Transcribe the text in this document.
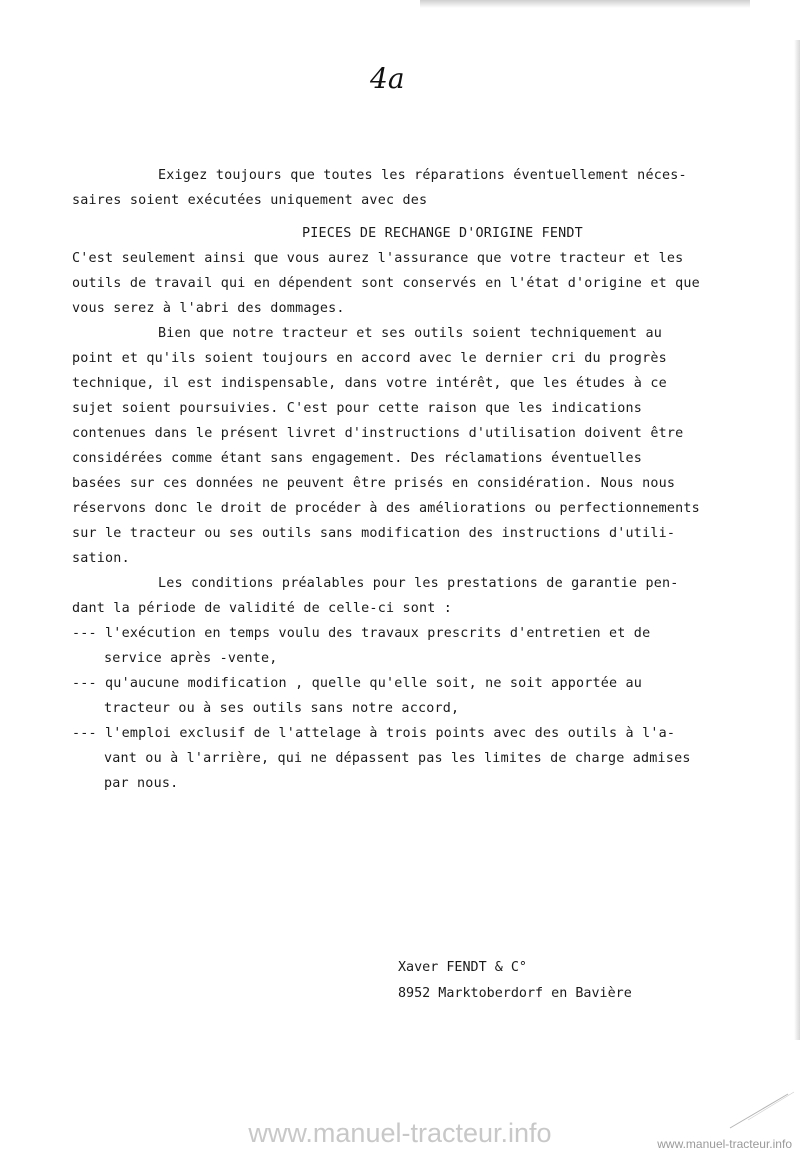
4a
Exigez toujours que toutes les réparations éventuellement néces-
saires soient exécutées uniquement avec des
PIECES DE RECHANGE D'ORIGINE FENDT
C'est seulement ainsi que vous aurez l'assurance que votre tracteur et les
outils de travail qui en dépendent sont conservés en l'état d'origine et que
vous serez à l'abri des dommages.
Bien que notre tracteur et ses outils soient techniquement au
point et qu'ils soient toujours en accord avec le dernier cri du progrès
technique, il est indispensable, dans votre intérêt, que les études à ce
sujet soient poursuivies. C'est pour cette raison que les indications
contenues dans le présent livret d'instructions d'utilisation doivent être
considérées comme étant sans engagement. Des réclamations éventuelles
basées sur ces données ne peuvent être prisés en considération. Nous nous
réservons donc le droit de procéder à des améliorations ou perfectionnements
sur le tracteur ou ses outils sans modification des instructions d'utili-
sation.
Les conditions préalables pour les prestations de garantie pen-
dant la période de validité de celle-ci sont :
--- l'exécution en temps voulu des travaux prescrits d'entretien et de
service après -vente,
--- qu'aucune modification , quelle qu'elle soit, ne soit apportée au
tracteur ou à ses outils sans notre accord,
--- l'emploi exclusif de l'attelage à trois points avec des outils à l'a-
vant ou à l'arrière, qui ne dépassent pas les limites de charge admises
par nous.
Xaver FENDT & C°
8952 Marktoberdorf en Bavière
www.manuel-tracteur.info	www.manuel-tracteur.info
